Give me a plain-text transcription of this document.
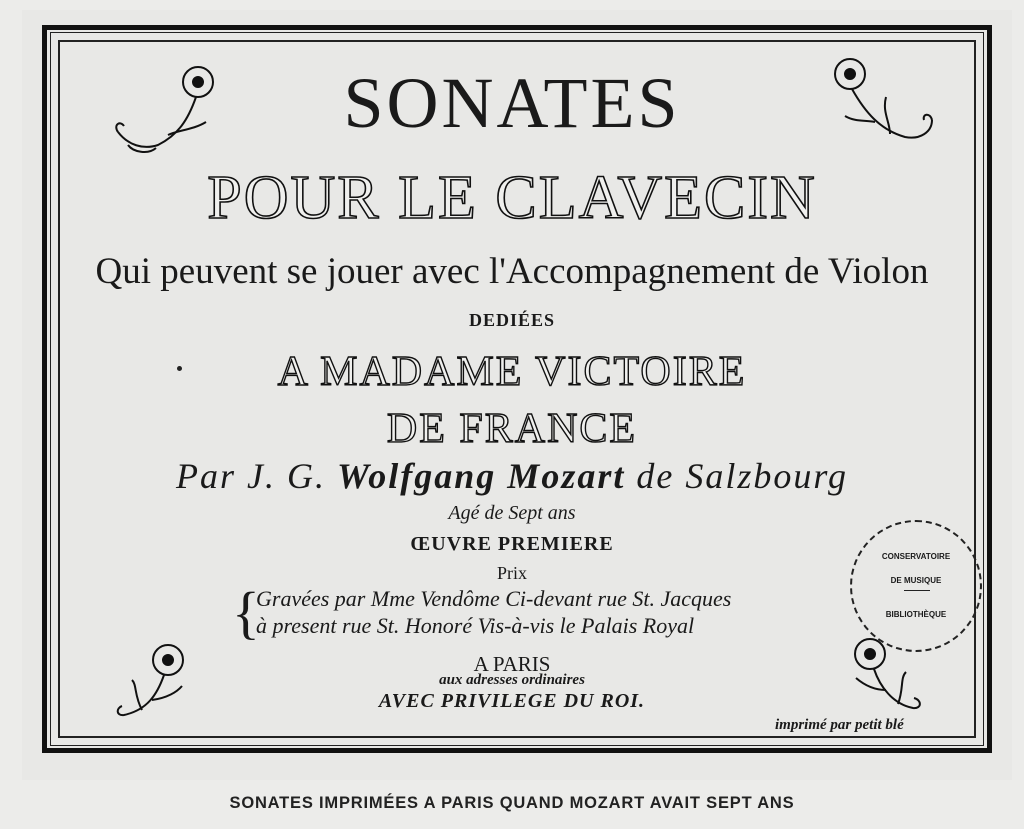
SONATES
POUR LE CLAVECIN
Qui peuvent se jouer avec l'Accompagnement de Violon
DEDIÉES
A MADAME VICTOIRE
DE FRANCE
Par J. G. Wolfgang Mozart de Salzbourg
Agé de Sept ans
ŒUVRE PREMIERE
Prix
{
Gravées par Mme Vendôme Ci-devant rue St. Jacques
à present rue St. Honoré Vis-à-vis le Palais Royal
A PARIS
aux adresses ordinaires
AVEC PRIVILEGE DU ROI.
imprimé par petit blé
CONSERVATOIRE
DE MUSIQUE
BIBLIOTHÈQUE
SONATES IMPRIMÉES A PARIS QUAND MOZART AVAIT SEPT ANS
